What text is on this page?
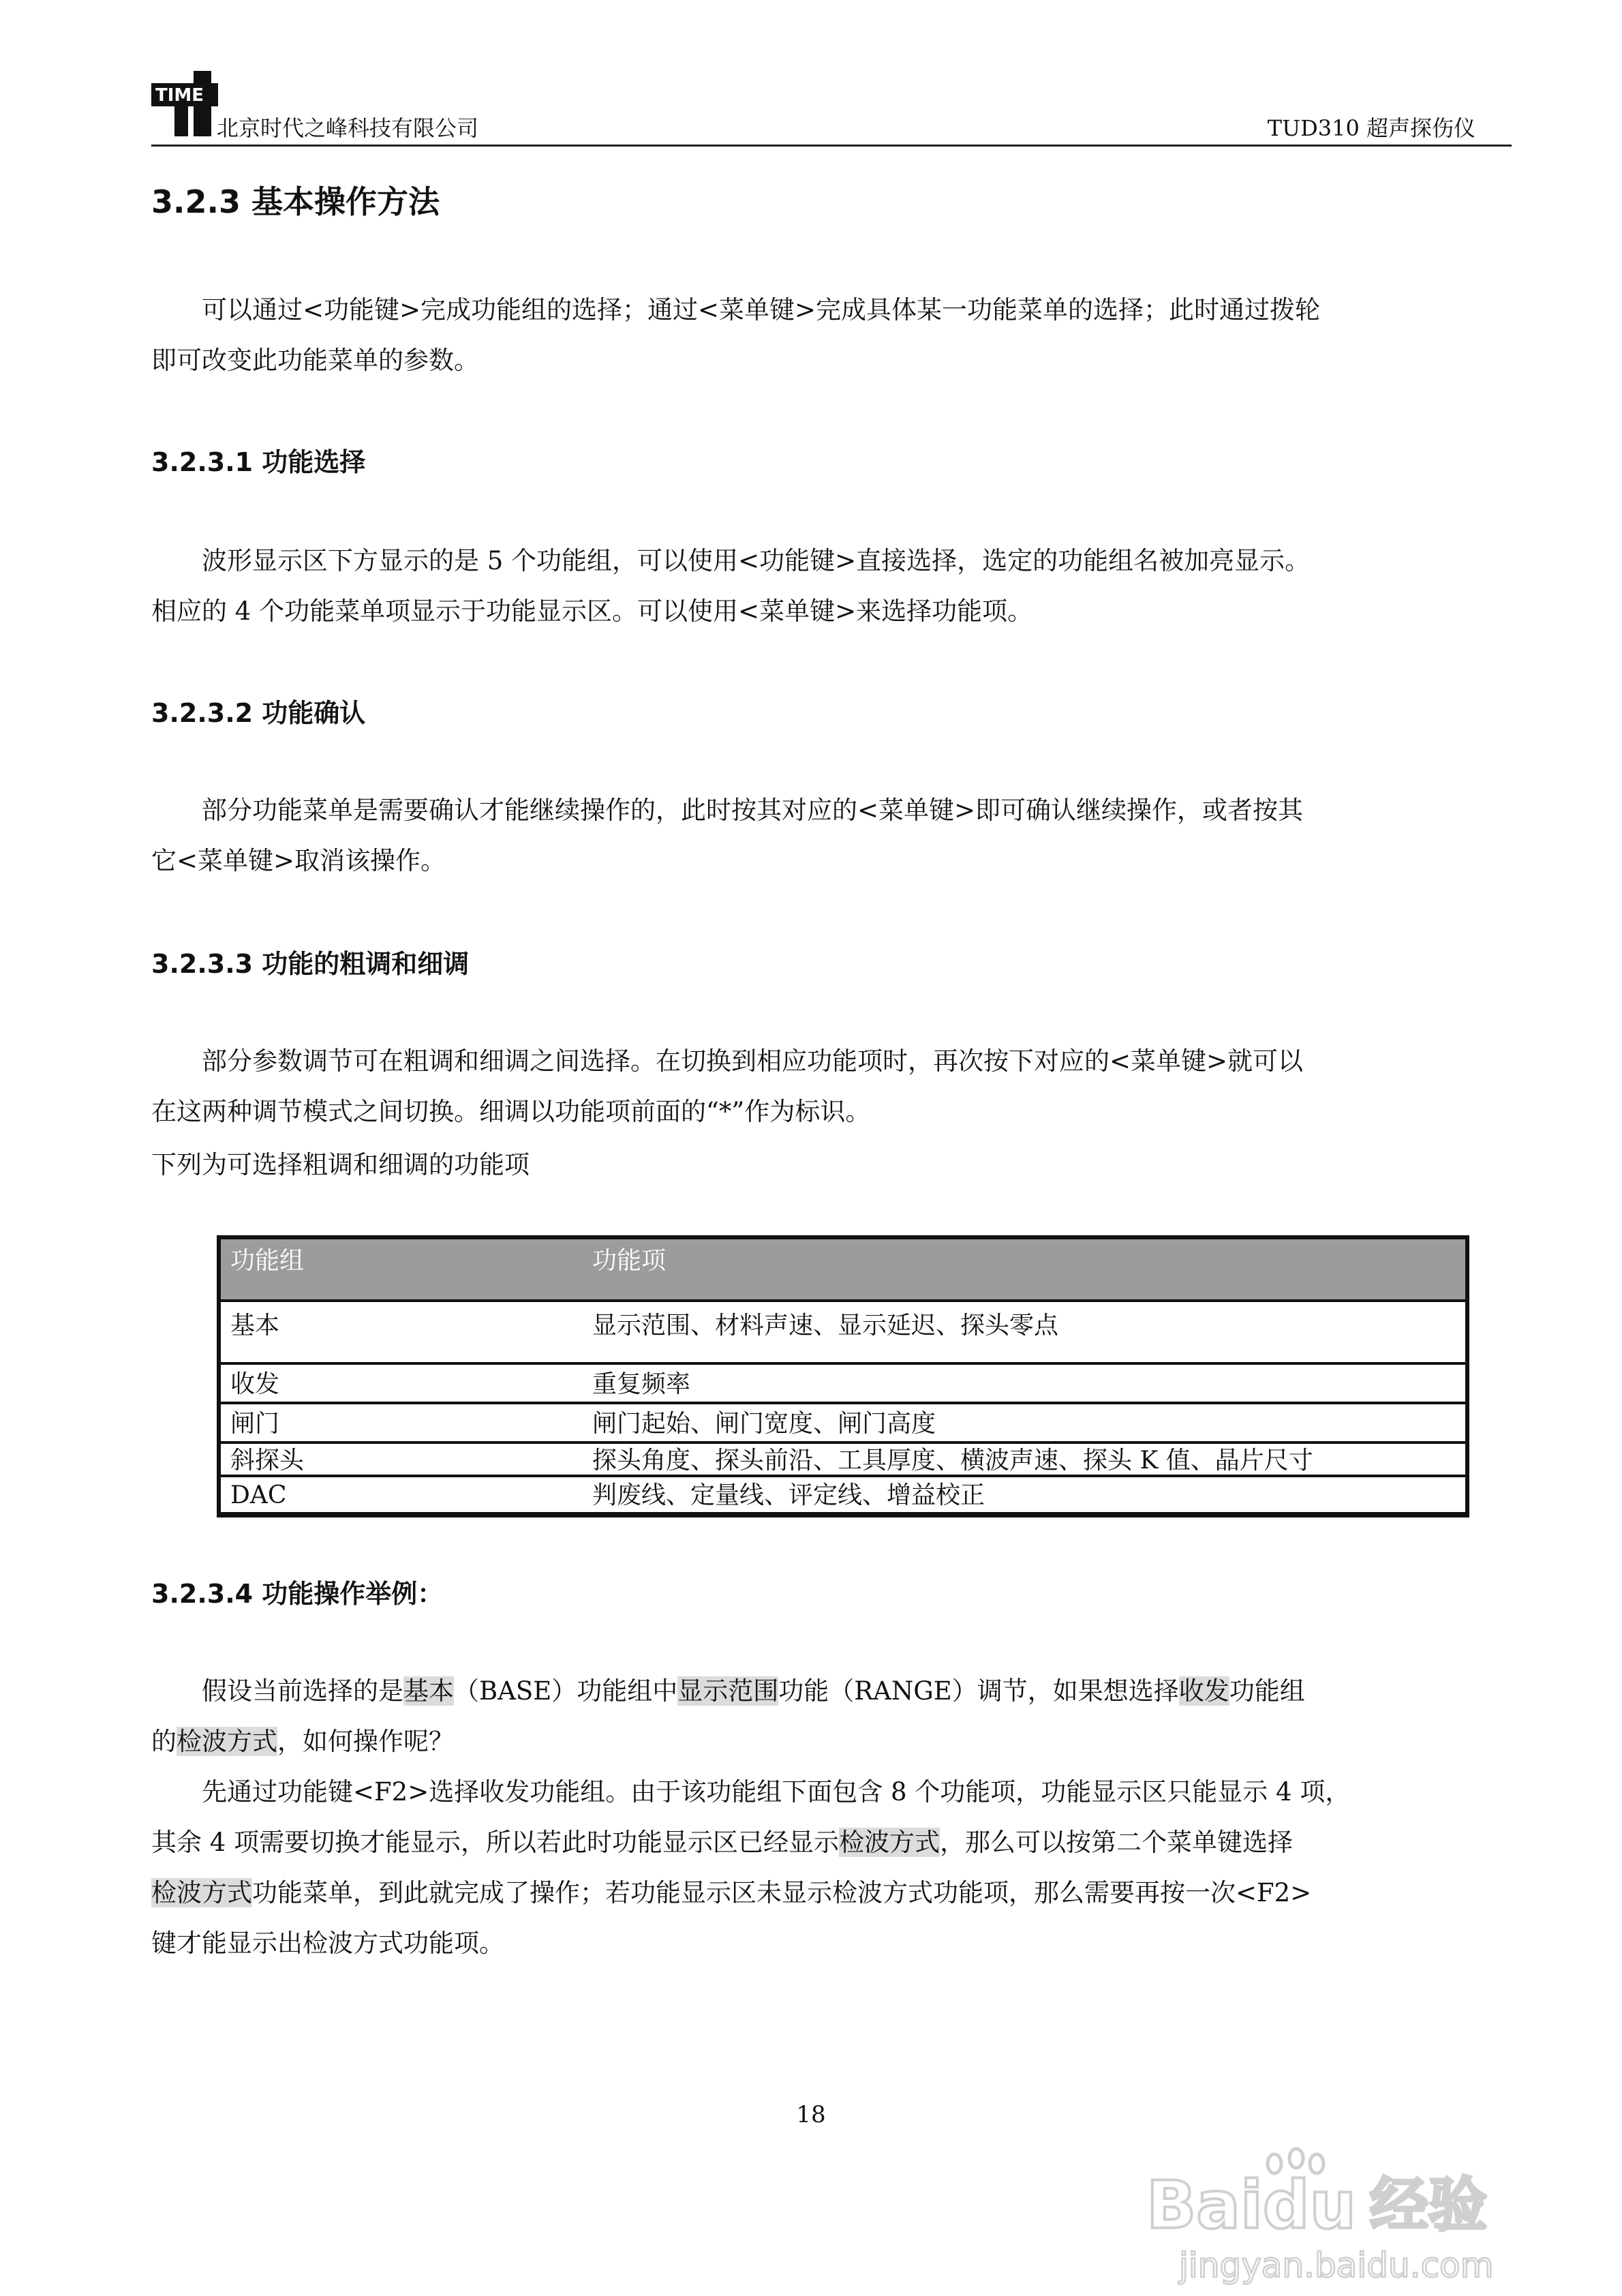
TIME
北京时代之峰科技有限公司	TUD310 超声探伤仪
3.2.3 基本操作方法

可以通过<功能键>完成功能组的选择；通过<菜单键>完成具体某一功能菜单的选择；此时通过拨轮

即可改变此功能菜单的参数。

3.2.3.1 功能选择

波形显示区下方显示的是 5 个功能组，可以使用<功能键>直接选择，选定的功能组名被加亮显示。

相应的 4 个功能菜单项显示于功能显示区。可以使用<菜单键>来选择功能项。

3.2.3.2 功能确认

部分功能菜单是需要确认才能继续操作的，此时按其对应的<菜单键>即可确认继续操作，或者按其

它<菜单键>取消该操作。

3.2.3.3 功能的粗调和细调

部分参数调节可在粗调和细调之间选择。在切换到相应功能项时，再次按下对应的<菜单键>就可以

在这两种调节模式之间切换。细调以功能项前面的“*”作为标识。

下列为可选择粗调和细调的功能项

功能组	功能项
基本	显示范围、材料声速、显示延迟、探头零点
收发	重复频率
闸门	闸门起始、闸门宽度、闸门高度
斜探头	探头角度、探头前沿、工具厚度、横波声速、探头 K 值、晶片尺寸
DAC	判废线、定量线、评定线、增益校正
3.2.3.4 功能操作举例：

假设当前选择的是基本（BASE）功能组中显示范围功能（RANGE）调节，如果想选择收发功能组

的检波方式，如何操作呢？

先通过功能键<F2>选择收发功能组。由于该功能组下面包含 8 个功能项，功能显示区只能显示 4 项，

其余 4 项需要切换才能显示，所以若此时功能显示区已经显示检波方式，那么可以按第二个菜单键选择

检波方式功能菜单，到此就完成了操作；若功能显示区未显示检波方式功能项，那么需要再按一次<F2>

键才能显示出检波方式功能项。

18
Baidu 经验
jingyan.baidu.com
